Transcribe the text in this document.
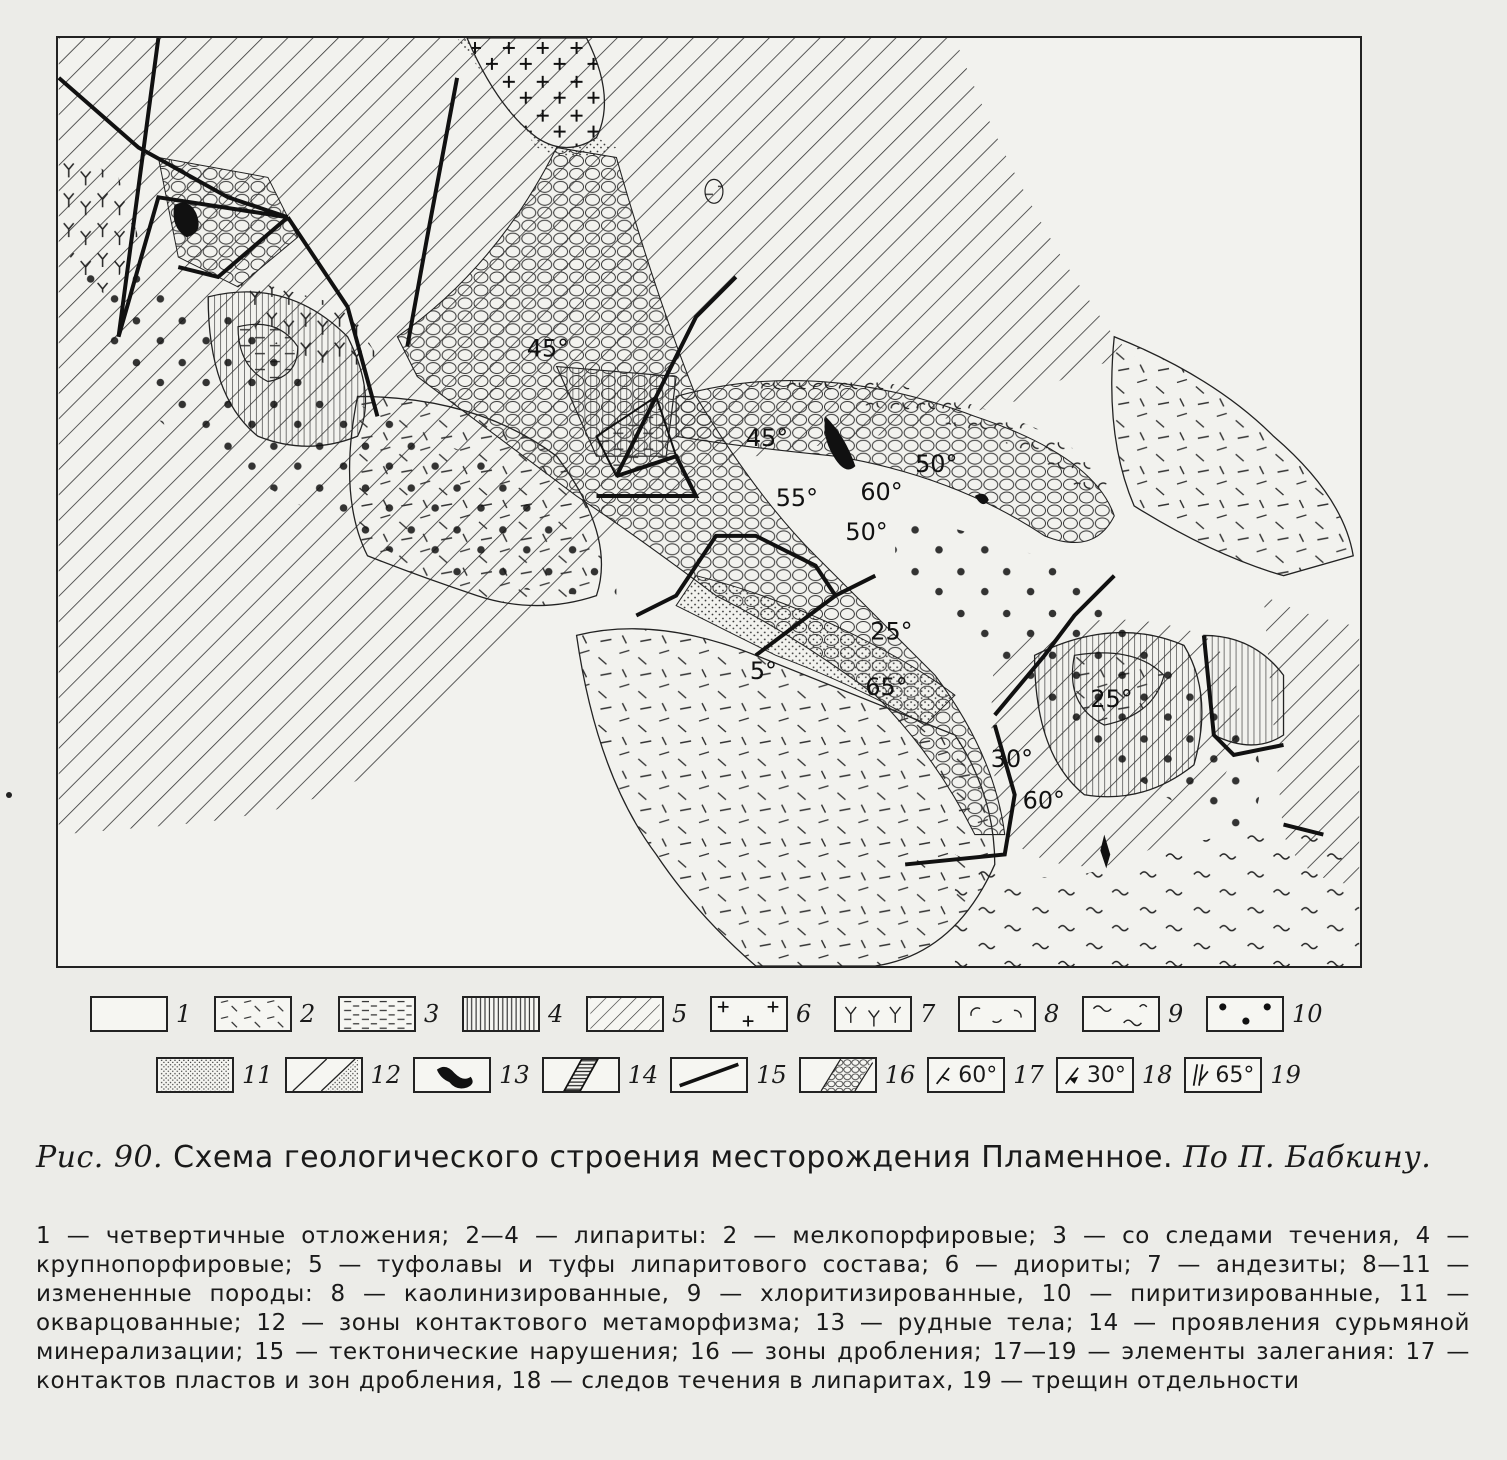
45°
45°
55° 60°
50°
50°
25°
5°
65°	25°
30°
60°
1	2	3	4	5	6	7	8	9	10
11	12	13	14	15	16 60° 17 30° 18 65° 19
Рис. 90. Схема геологического строения месторождения Пламенное. По П. Бабкину.
1 — четвертичные отложения; 2—4 — липариты: 2 — мелкопорфировые; 3 — со следами течения, 4 — крупнопорфировые; 5 — туфолавы и туфы липаритового состава; 6 — диориты; 7 — андезиты; 8—11 — измененные породы: 8 — каолинизированные, 9 — хлоритизированные, 10 — пиритизированные, 11 — окварцованные; 12 — зоны контактового метаморфизма; 13 — рудные тела; 14 — проявления сурьмяной минерализации; 15 — тектонические нарушения; 16 — зоны дробления; 17—19 — элементы залегания: 17 — контактов пластов и зон дробления, 18 — следов течения в липаритах, 19 — трещин отдельности
